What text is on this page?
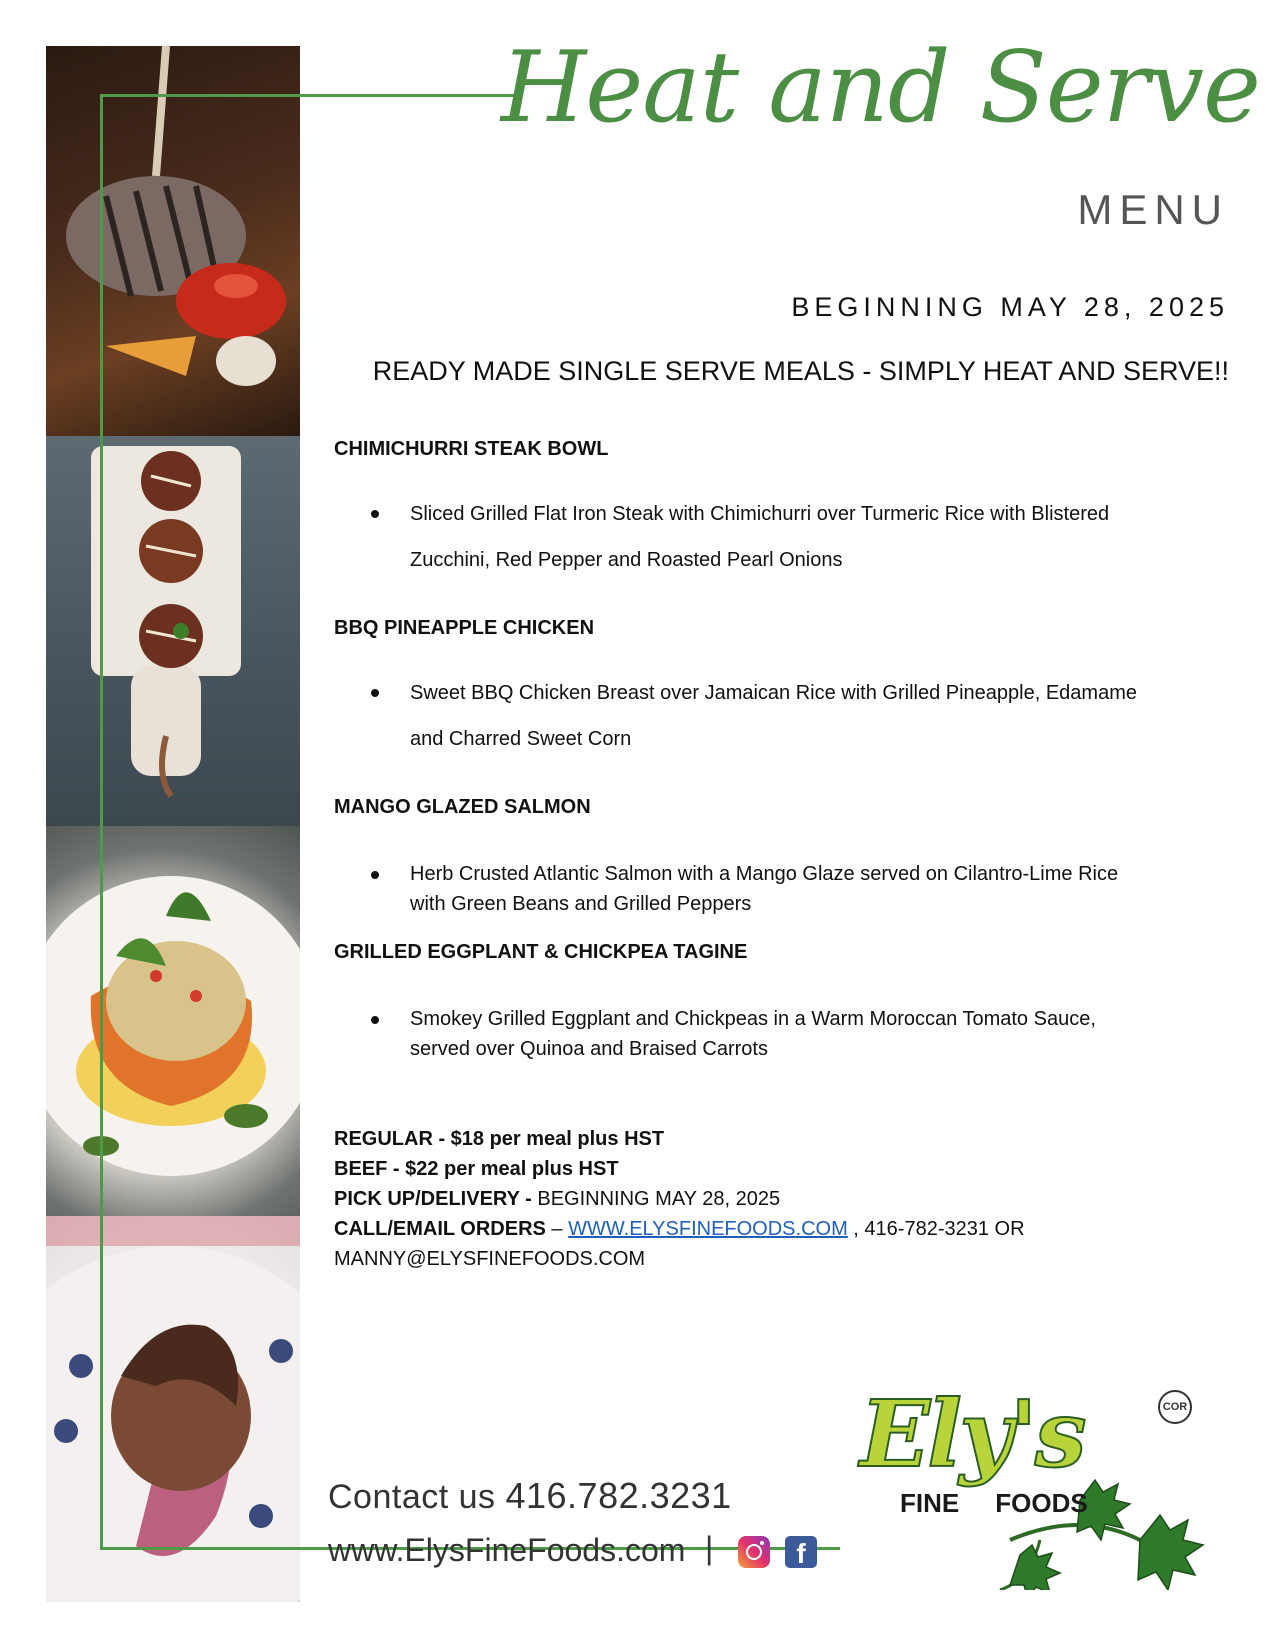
Heat and Serve
MENU
BEGINNING MAY 28, 2025
READY MADE SINGLE SERVE MEALS - SIMPLY HEAT AND SERVE!!

CHIMICHURRI STEAK BOWL

Sliced Grilled Flat Iron Steak with Chimichurri over Turmeric Rice with Blistered
Zucchini, Red Pepper and Roasted Pearl Onions

BBQ PINEAPPLE CHICKEN

Sweet BBQ Chicken Breast over Jamaican Rice with Grilled Pineapple, Edamame
and Charred Sweet Corn

MANGO GLAZED SALMON

Herb Crusted Atlantic Salmon with a Mango Glaze served on Cilantro-Lime Rice
with Green Beans and Grilled Peppers

GRILLED EGGPLANT & CHICKPEA TAGINE

Smokey Grilled Eggplant and Chickpeas in a Warm Moroccan Tomato Sauce,
served over Quinoa and Braised Carrots
REGULAR - $18 per meal plus HST
BEEF - $22 per meal plus HST
PICK UP/DELIVERY - BEGINNING MAY 28, 2025
CALL/EMAIL ORDERS – WWW.ELYSFINEFOODS.COM , 416-782-3231 OR
MANNY@ELYSFINEFOODS.COM
Contact us 416.782.3231
www.ElysFineFoods.com |	f
Ely's
FINE FOODS
COR
